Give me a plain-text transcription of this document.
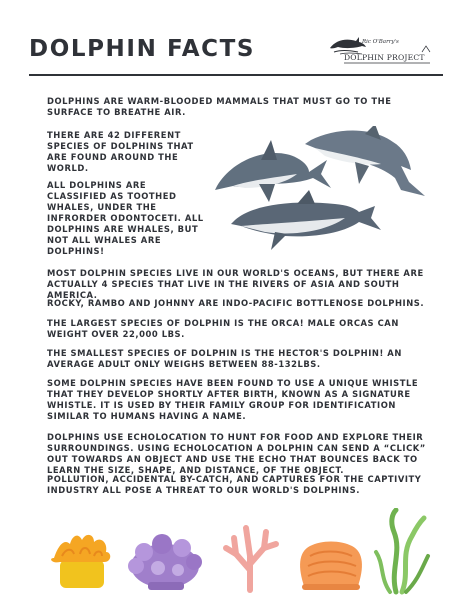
DOLPHIN FACTS	Ric O'Barry's
DOLPHIN PROJECT

DOLPHINS ARE WARM-BLOODED MAMMALS THAT MUST GO TO THE SURFACE TO BREATHE AIR.

THERE ARE 42 DIFFERENT SPECIES OF DOLPHINS THAT ARE FOUND AROUND THE WORLD.

ALL DOLPHINS ARE CLASSIFIED AS TOOTHED WHALES, UNDER THE INFRORDER ODONTOCETI. ALL DOLPHINS ARE WHALES, BUT NOT ALL WHALES ARE DOLPHINS!

MOST DOLPHIN SPECIES LIVE IN OUR WORLD'S OCEANS, BUT THERE ARE ACTUALLY 4 SPECIES THAT LIVE IN THE RIVERS OF ASIA AND SOUTH AMERICA.

ROCKY, RAMBO AND JOHNNY ARE INDO-PACIFIC BOTTLENOSE DOLPHINS.

THE LARGEST SPECIES OF DOLPHIN IS THE ORCA! MALE ORCAS CAN WEIGHT OVER 22,000 LBS.

THE SMALLEST SPECIES OF DOLPHIN IS THE HECTOR'S DOLPHIN! AN AVERAGE ADULT ONLY WEIGHS BETWEEN 88-132LBS.

SOME DOLPHIN SPECIES HAVE BEEN FOUND TO USE A UNIQUE WHISTLE THAT THEY DEVELOP SHORTLY AFTER BIRTH, KNOWN AS A SIGNATURE WHISTLE. IT IS USED BY THEIR FAMILY GROUP FOR IDENTIFICATION SIMILAR TO HUMANS HAVING A NAME.

DOLPHINS USE ECHOLOCATION TO HUNT FOR FOOD AND EXPLORE THEIR SURROUNDINGS. USING ECHOLOCATION A DOLPHIN CAN SEND A “CLICK” OUT TOWARDS AN OBJECT AND USE THE ECHO THAT BOUNCES BACK TO LEARN THE SIZE, SHAPE, AND DISTANCE, OF THE OBJECT.

POLLUTION, ACCIDENTAL BY-CATCH, AND CAPTURES FOR THE CAPTIVITY INDUSTRY ALL POSE A THREAT TO OUR WORLD'S DOLPHINS.
